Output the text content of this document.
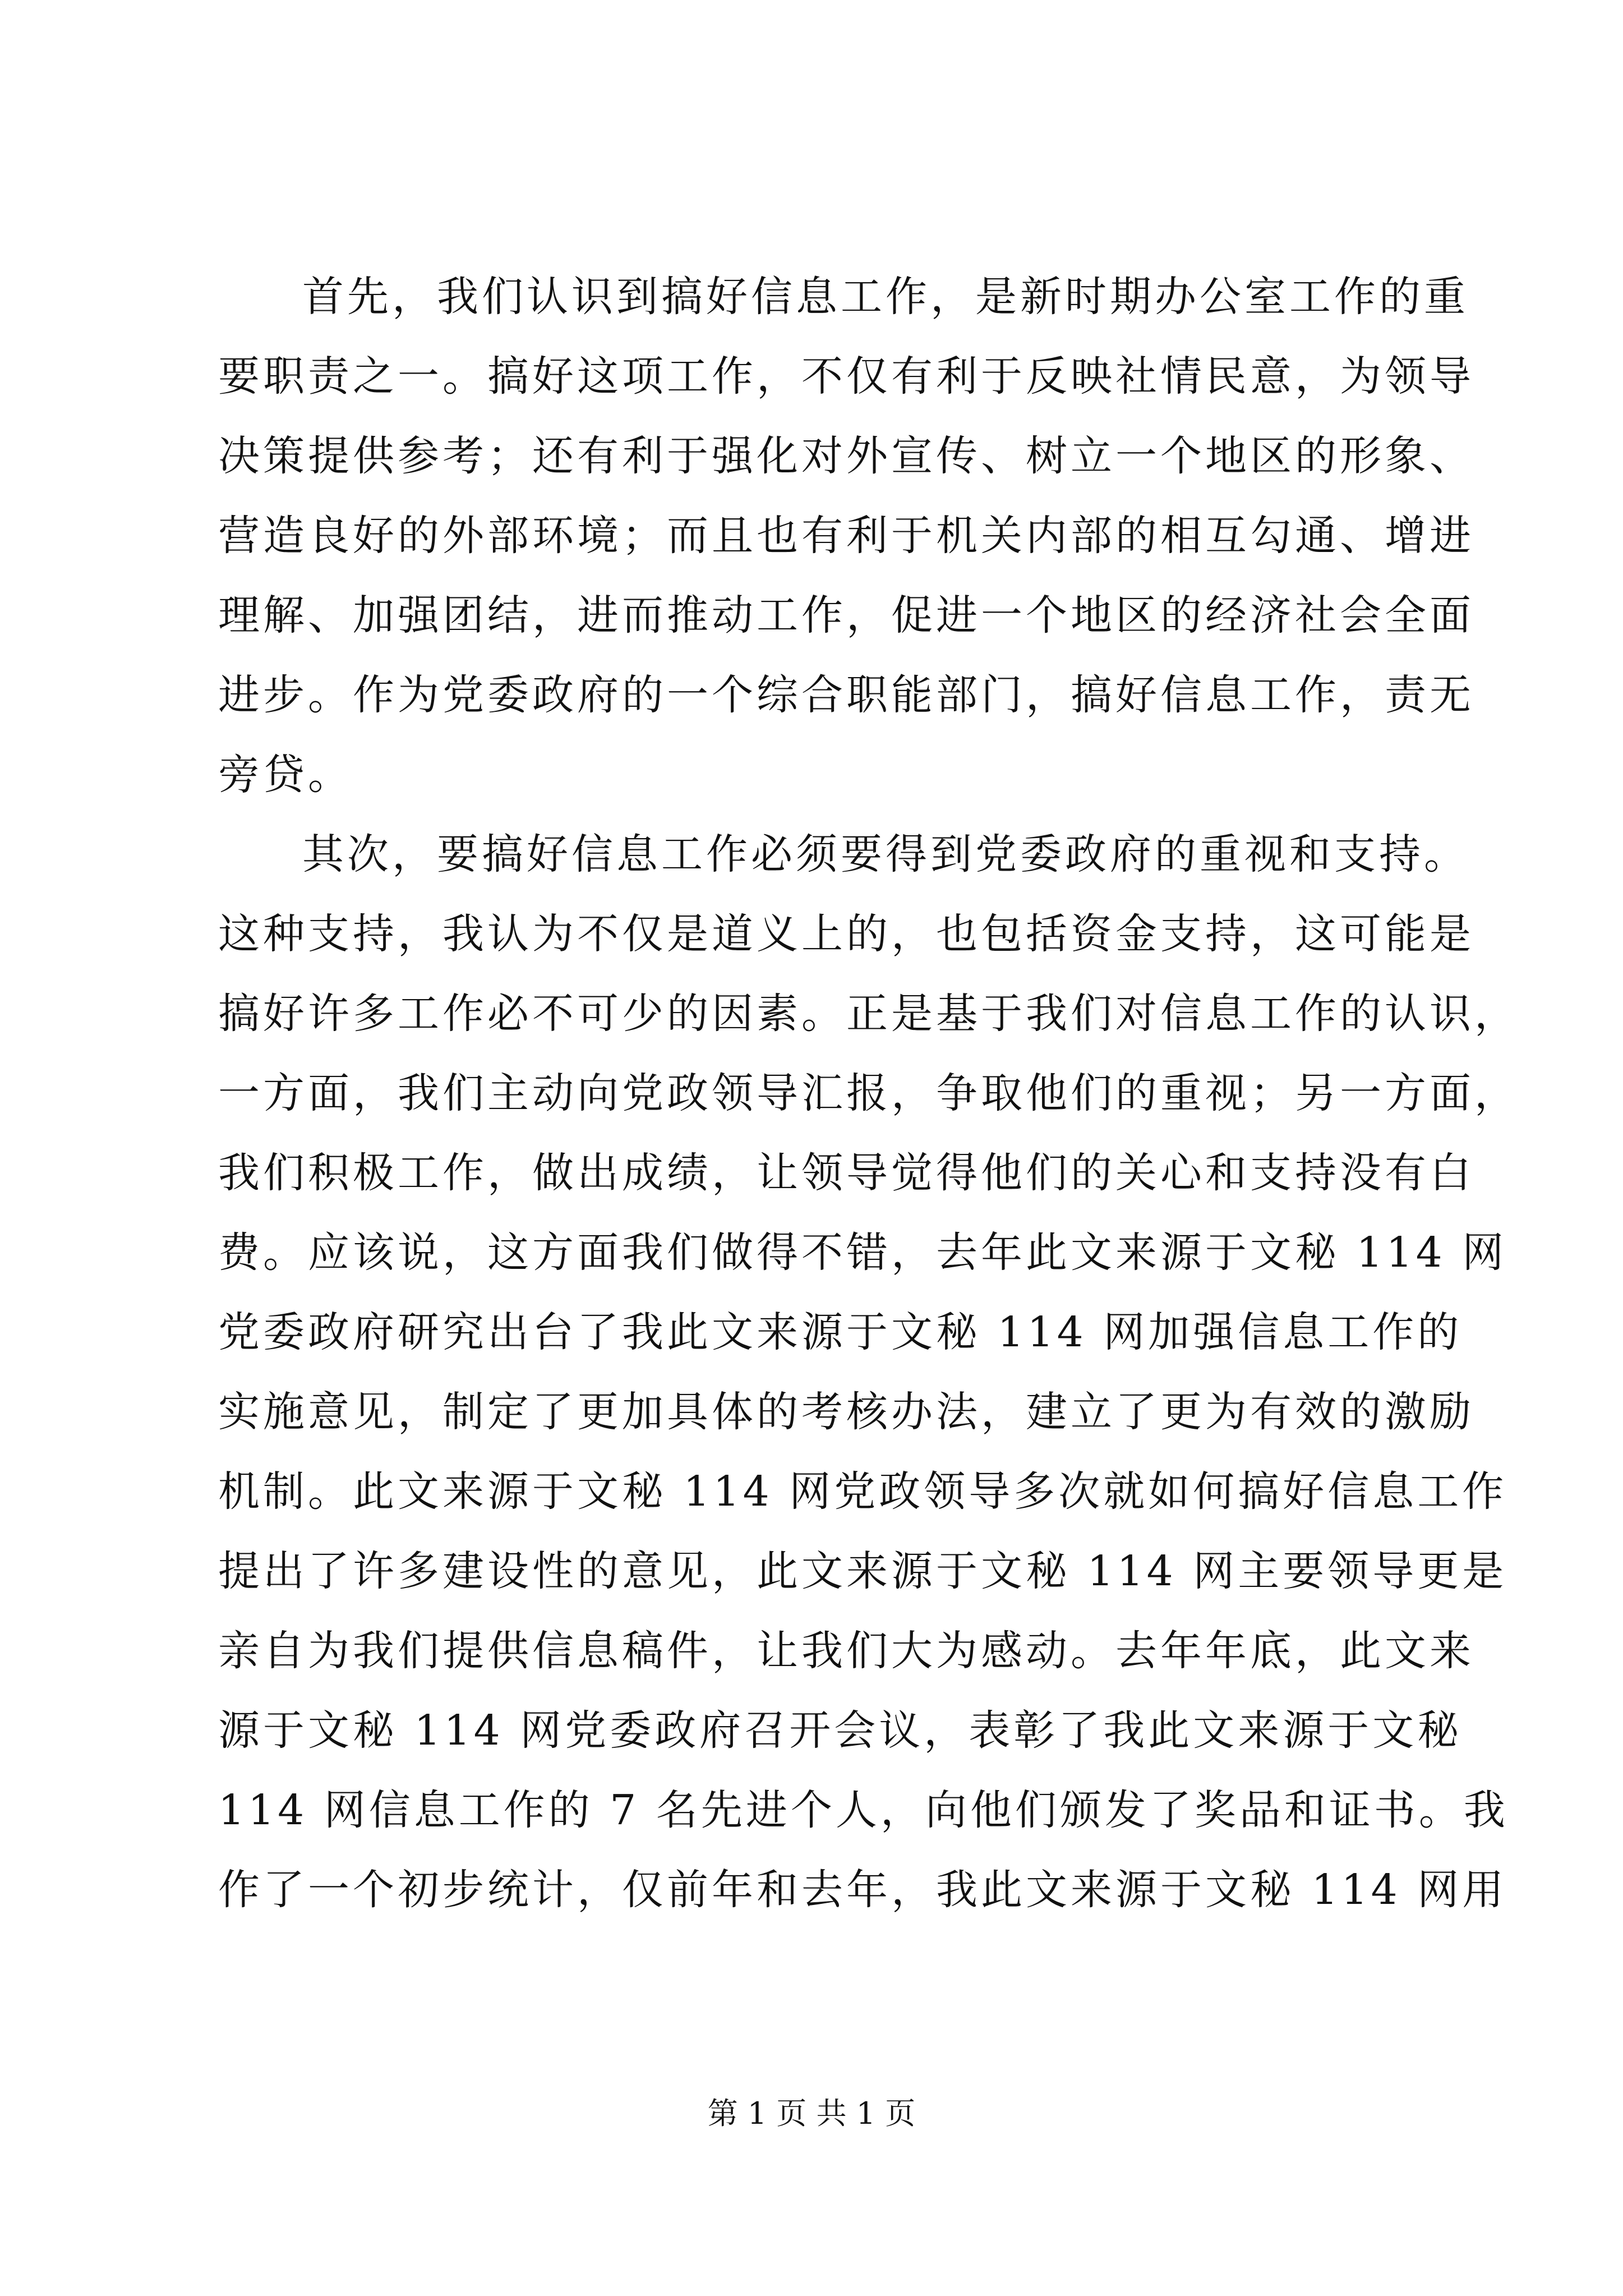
首先，我们认识到搞好信息工作，是新时期办公室工作的重
要职责之一。搞好这项工作，不仅有利于反映社情民意，为领导
决策提供参考；还有利于强化对外宣传、树立一个地区的形象、
营造良好的外部环境；而且也有利于机关内部的相互勾通、增进
理解、加强团结，进而推动工作，促进一个地区的经济社会全面
进步。作为党委政府的一个综合职能部门，搞好信息工作，责无
旁贷。
其次，要搞好信息工作必须要得到党委政府的重视和支持。
这种支持，我认为不仅是道义上的，也包括资金支持，这可能是
搞好许多工作必不可少的因素。正是基于我们对信息工作的认识，
一方面，我们主动向党政领导汇报，争取他们的重视；另一方面，
我们积极工作，做出成绩，让领导觉得他们的关心和支持没有白
费。应该说，这方面我们做得不错，去年此文来源于文秘 114 网
党委政府研究出台了我此文来源于文秘 114 网加强信息工作的
实施意见，制定了更加具体的考核办法，建立了更为有效的激励
机制。此文来源于文秘 114 网党政领导多次就如何搞好信息工作
提出了许多建设性的意见，此文来源于文秘 114 网主要领导更是
亲自为我们提供信息稿件，让我们大为感动。去年年底，此文来
源于文秘 114 网党委政府召开会议，表彰了我此文来源于文秘
114 网信息工作的 7 名先进个人，向他们颁发了奖品和证书。我
作了一个初步统计，仅前年和去年，我此文来源于文秘 114 网用
第 1 页 共 1 页
